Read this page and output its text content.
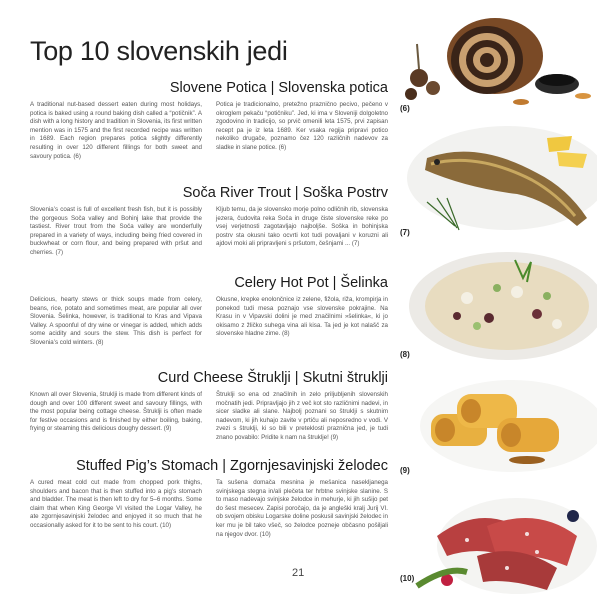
Top 10 slovenskih jedi
Slovene Potica | Slovenska potica

A traditional nut-based dessert eaten during most holidays, potica is baked using a round baking dish called a “potičnik”. A dish with a long history and tradition in Slovenia, its first written mention was in 1575 and the first recorded recipe was written in 1689. Each region prepares potica slightly differently resulting in over 120 different fillings for both sweet and savoury potica. (6)

Potica je tradicionalno, pretežno praznično pecivo, pečeno v okroglem pekaču “potičniku”. Jed, ki ima v Sloveniji dolgoletno zgodovino in tradicijo, so prvič omenili leta 1575, prvi zapisan recept pa je iz leta 1689. Ker vsaka regija pripravi potico nekoliko drugače, poznamo čez 120 različnih nadevov za sladke in slane potice. (6)

Soča River Trout | Soška Postrv

Slovenia’s coast is full of excellent fresh fish, but it is possibly the gorgeous Soča valley and Bohinj lake that provide the tastiest. River trout from the Soča valley are wonderfully prepared in a variety of ways, including being fried covered in buckwheat or corn flour, and being prepared with pršut and cherries. (7)

Kljub temu, da je slovensko morje polno odličnih rib, slovenska jezera, čudovita reka Soča in druge čiste slovenske reke po vsej verjetnosti zagotavljajo najboljše. Soška in bohinjska postrv sta okusni tako ocvrti kot tudi povaljani v koruzni ali ajdovi moki ali pripravljeni s pršutom, češnjami ... (7)

Celery Hot Pot | Šelinka

Delicious, hearty stews or thick soups made from celery, beans, rice, potato and sometimes meat, are popular all over Slovenia. Šelinka, however, is traditional to Kras and Vipava Valley. A spoonful of dry wine or vinegar is added, which adds some acidity and sours the stew. This dish is perfect for Slovenia’s cold winters. (8)

Okusne, krepke enolončnice iz zelene, fižola, riža, krompirja in ponekod tudi mesa poznajo vse slovenske pokrajine. Na Krasu in v Vipavski dolini je med značilnimi »šelinka«, ki jo okisamo z žličko suhega vina ali kisa. Ta jed je kot nalašč za slovenske hladne zime. (8)

Curd Cheese Štruklji | Skutni štruklji

Known all over Slovenia, štruklji is made from different kinds of dough and over 100 different sweet and savoury fillings, with the most popular being cottage cheese. Štruklji is often made for festive occasions and is finished by either boiling, baking, frying or steaming this delicious doughy dessert. (9)

Štruklji so ena od značilnih in zelo priljubljenih slovenskih močnatih jedi. Pripravljajo jih z več kot sto različnimi nadevi, in sicer sladke ali slane. Najbolj poznani so štruklji s skutnim nadevom, ki jih kuhajo zavite v prtiču ali neposredno v vodi. V zvezi s štruklji, ki so bili v preteklosti praznična jed, je tudi znano povabilo: Pridite k nam na štruklje! (9)

Stuffed Pig’s Stomach | Zgornjesavinjski želodec

A cured meat cold cut made from chopped pork thighs, shoulders and bacon that is then stuffed into a pig’s stomach and bladder. The meat is then left to dry for 5–6 months. Some claim that when King George VI visited the Logar Valley, he ate zgornjesavinjski želodec and enjoyed it so much that he occasionally asked for it to be sent to his court. (10)

Ta sušena domača mesnina je mešanica nasekljanega svinjskega stegna in/ali plečeta ter hrbtne svinjske slanine. S to maso nadevajo svinjske želodce in mehurje, ki jih sušijo pet do šest mesecev. Zapisi poročajo, da je angleški kralj Jurij VI. ob svojem obisku Logarske doline poskusil savinjski želodec in ker mu je bil tako všeč, so želodce pozneje občasno pošiljali na njegov dvor. (10)

(6)
(7)
(8)
(9)
(10)
21
